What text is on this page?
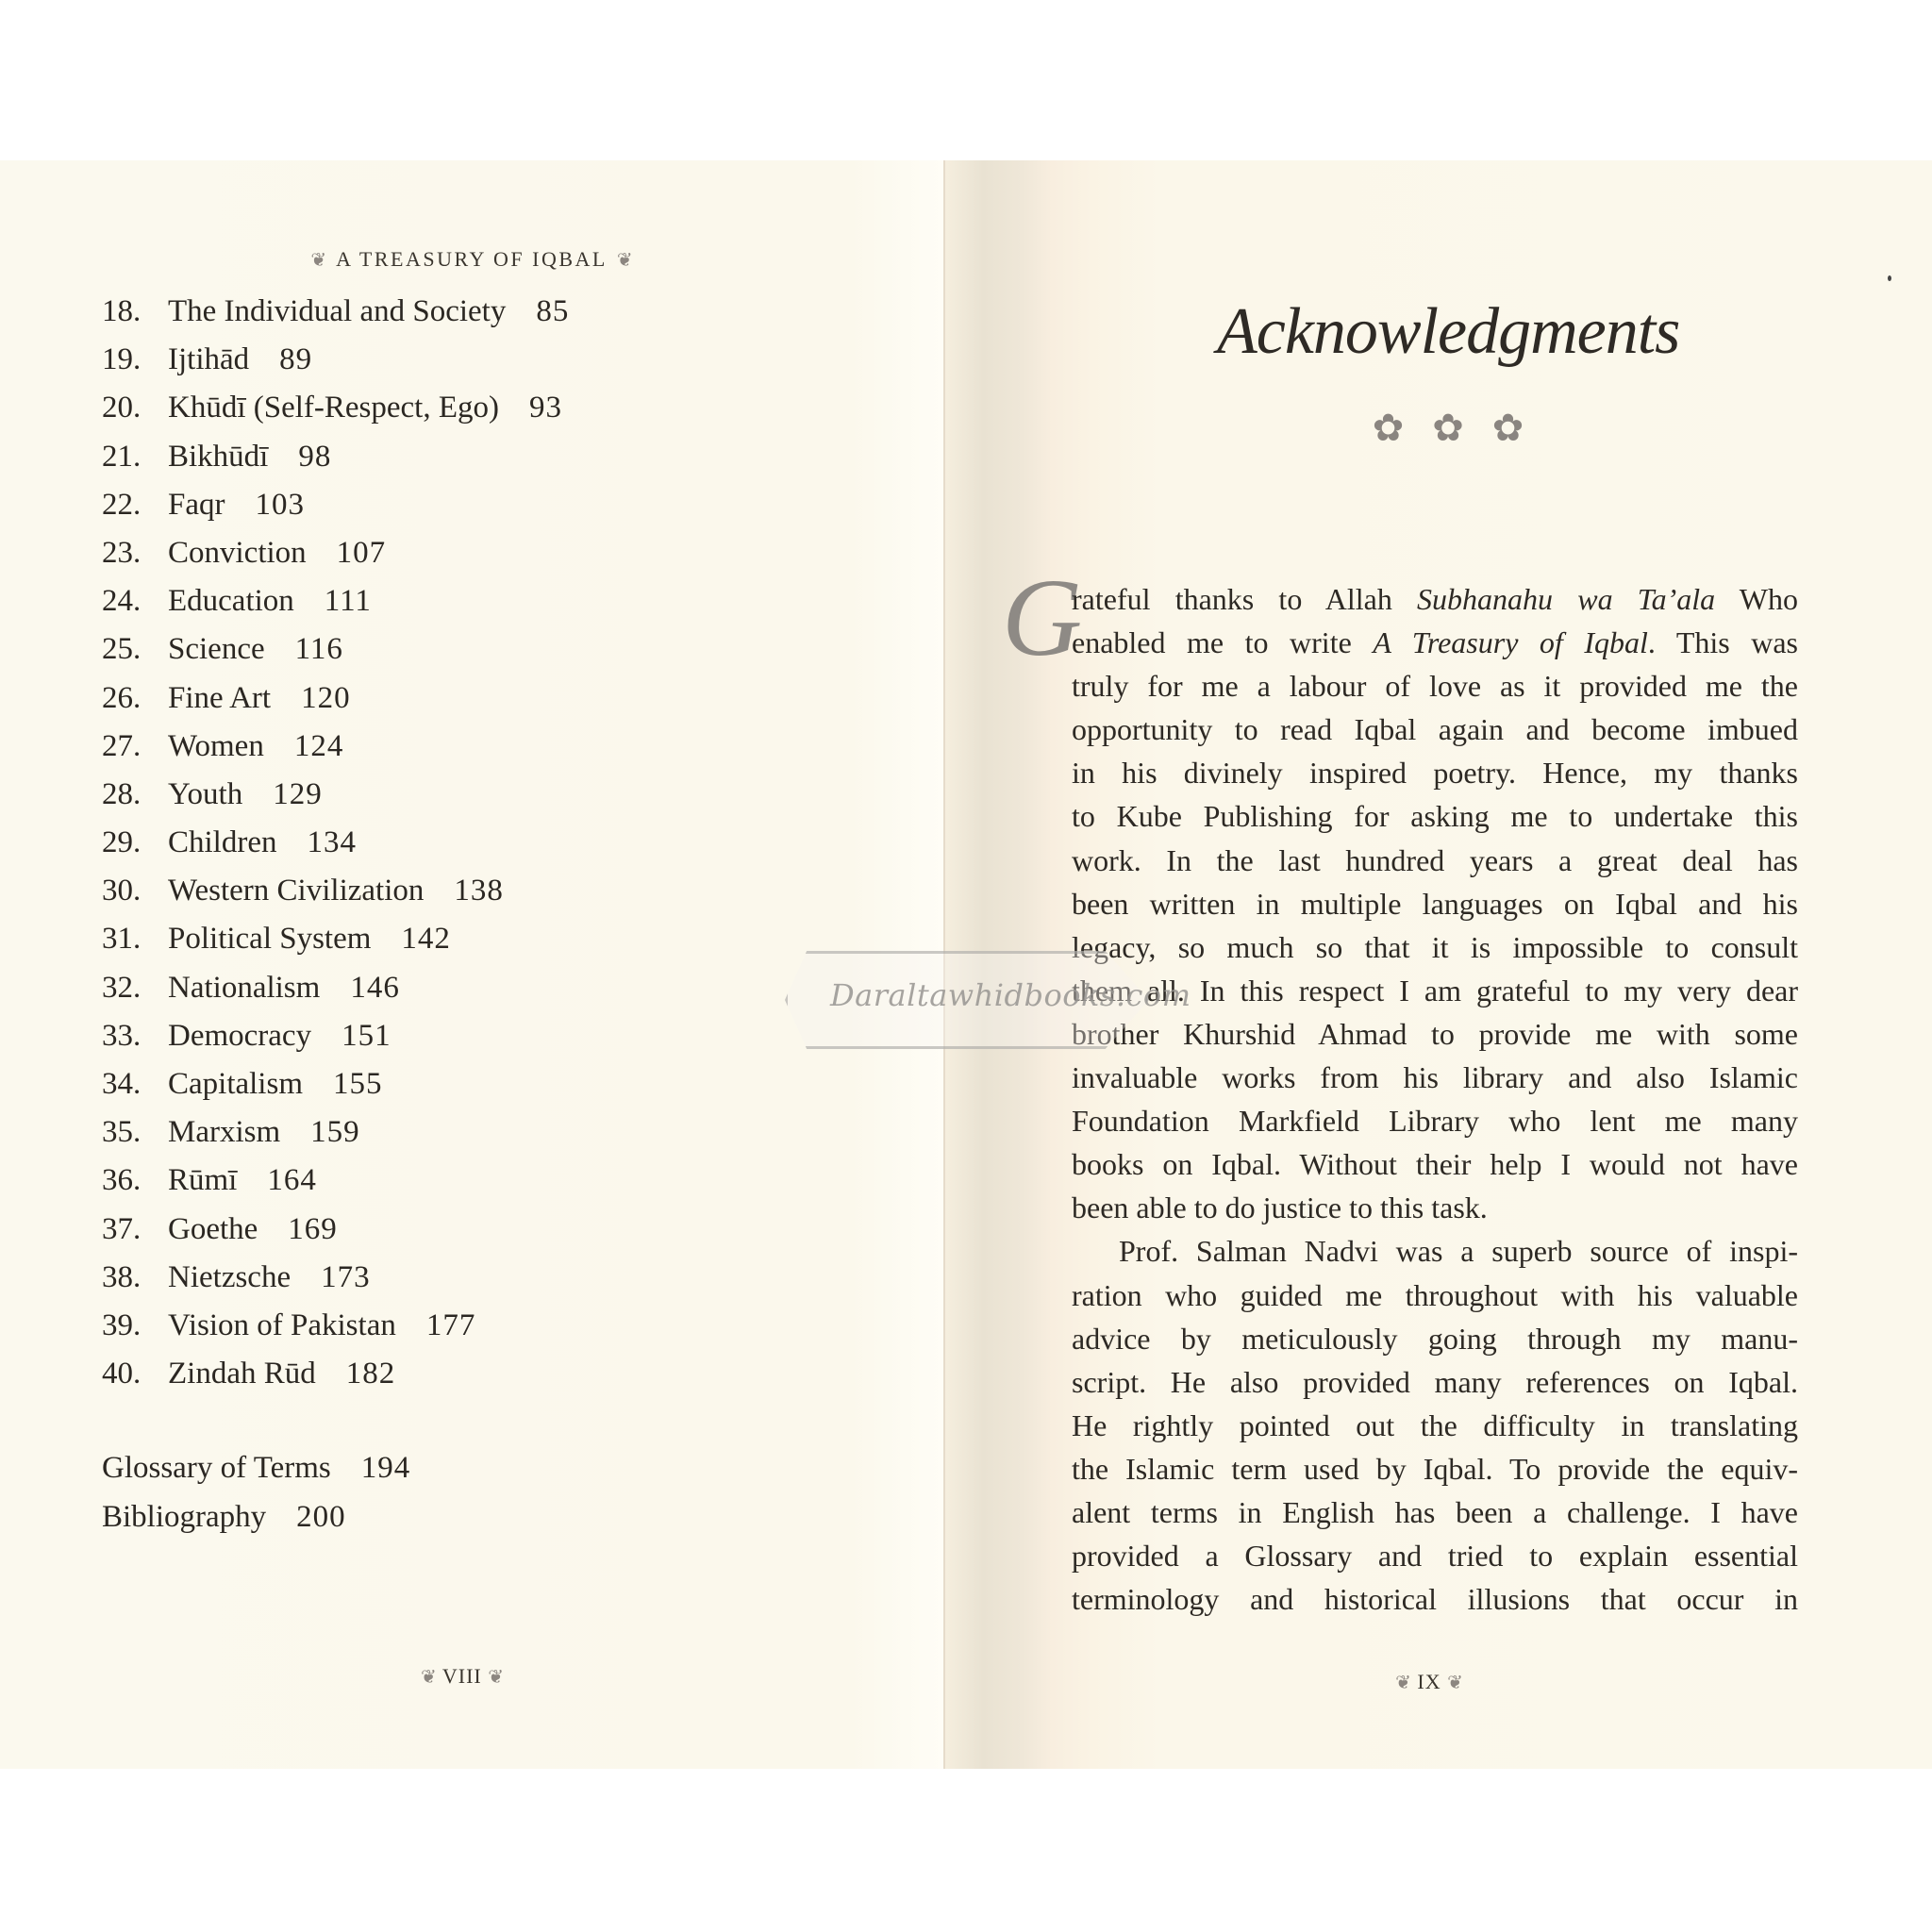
❦ A TREASURY OF IQBAL ❦
18. The Individual and Society 85
19. Ijtihād 89
20. Khūdī (Self-Respect, Ego) 93
21. Bikhūdī 98
22. Faqr 103
23. Conviction 107
24. Education 111
25. Science 116
26. Fine Art 120
27. Women 124
28. Youth 129
29. Children 134
30. Western Civilization 138
31. Political System 142
32. Nationalism 146
33. Democracy 151
34. Capitalism 155
35. Marxism 159
36. Rūmī 164
37. Goethe 169
38. Nietzsche 173
39. Vision of Pakistan 177
40. Zindah Rūd 182
Glossary of Terms 194
Bibliography 200
❦ VIII ❦
Acknowledgments
✿ ✿ ✿
G
rateful thanks to Allah Subhanahu wa Ta’ala Who
enabled me to write A Treasury of Iqbal. This was
truly for me a labour of love as it provided me the
opportunity to read Iqbal again and become imbued
in his divinely inspired poetry. Hence, my thanks
to Kube Publishing for asking me to undertake this
work. In the last hundred years a great deal has
been written in multiple languages on Iqbal and his
legacy, so much so that it is impossible to consult
them all. In this respect I am grateful to my very dear
brother Khurshid Ahmad to provide me with some
invaluable works from his library and also Islamic
Foundation Markfield Library who lent me many
books on Iqbal. Without their help I would not have
been able to do justice to this task.
Prof. Salman Nadvi was a superb source of inspi-
ration who guided me throughout with his valuable
advice by meticulously going through my manu-
script. He also provided many references on Iqbal.
He rightly pointed out the difficulty in translating
the Islamic term used by Iqbal. To provide the equiv-
alent terms in English has been a challenge. I have
provided a Glossary and tried to explain essential
terminology and historical illusions that occur in
❦ IX ❦
Daraltawhidbooks.com
